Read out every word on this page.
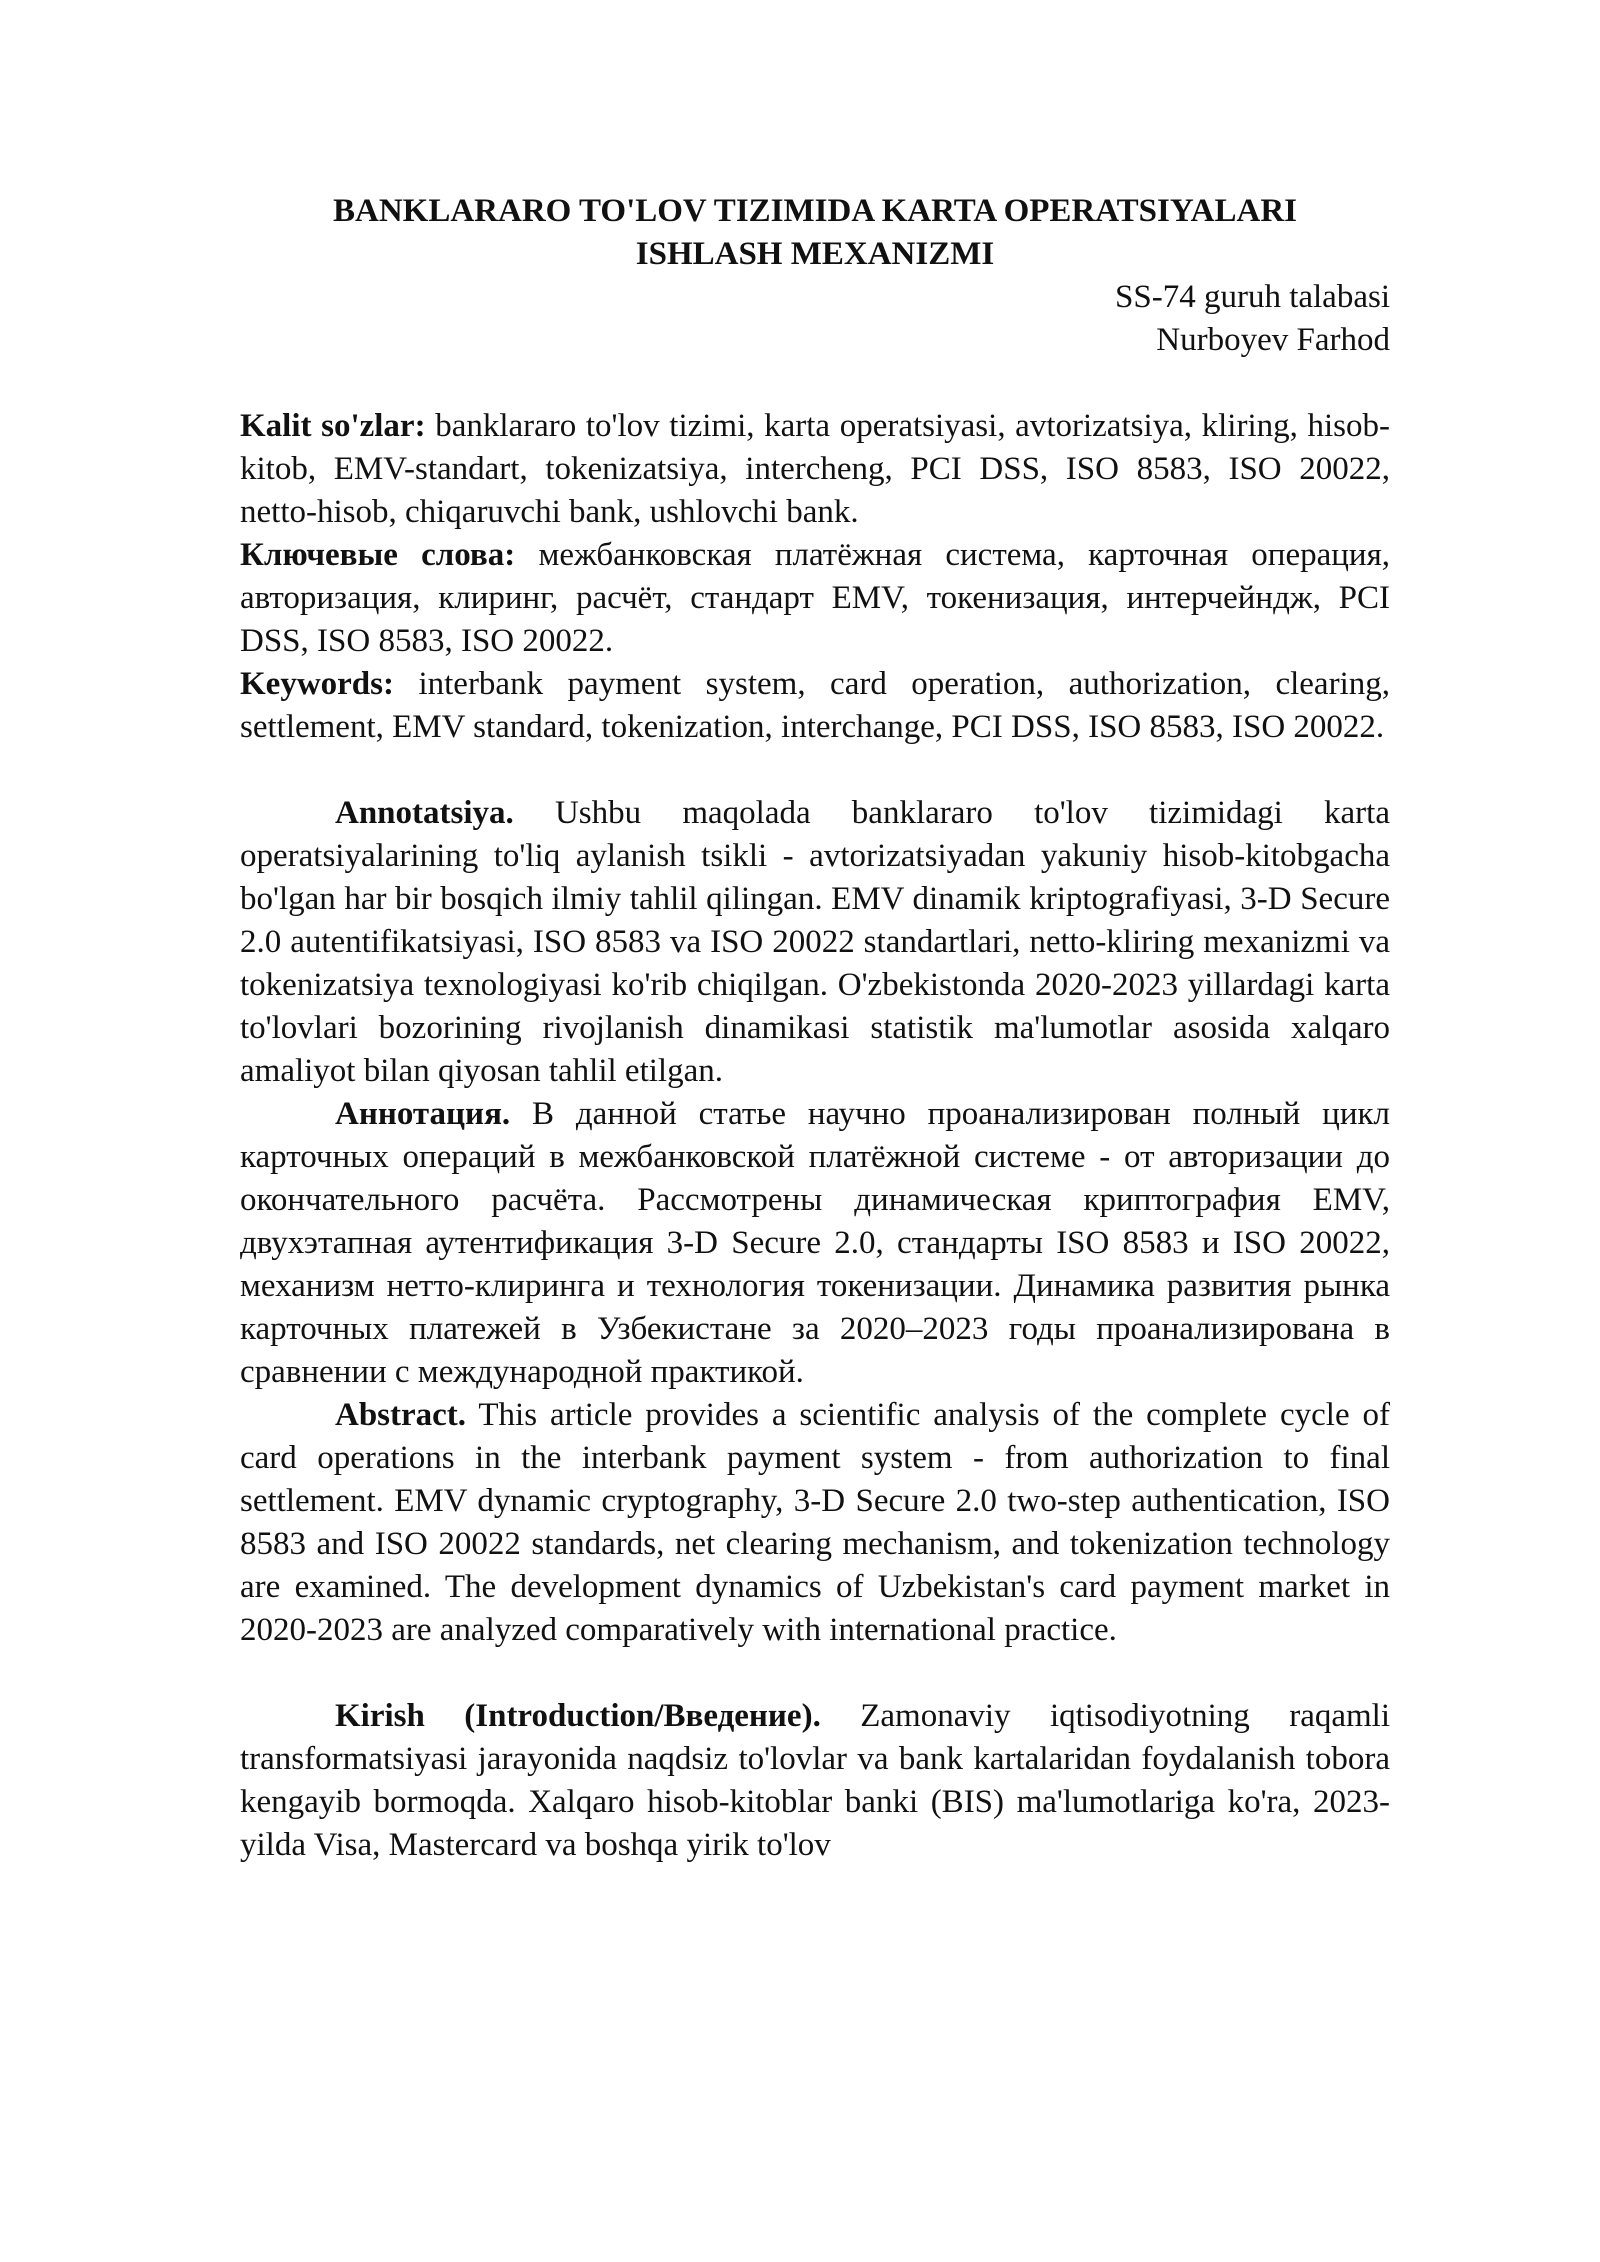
BANKLARARO TO'LOV TIZIMIDA KARTA OPERATSIYALARI
ISHLASH MEXANIZMI
SS-74 guruh talabasi
Nurboyev Farhod

Kalit so'zlar: banklararo to'lov tizimi, karta operatsiyasi, avtorizatsiya, kliring, hisob-kitob, EMV-standart, tokenizatsiya, intercheng, PCI DSS, ISO 8583, ISO 20022, netto-hisob, chiqaruvchi bank, ushlovchi bank.

Ключевые слова: межбанковская платёжная система, карточная операция, авторизация, клиринг, расчёт, стандарт EMV, токенизация, интерчейндж, PCI DSS, ISO 8583, ISO 20022.

Keywords: interbank payment system, card operation, authorization, clearing, settlement, EMV standard, tokenization, interchange, PCI DSS, ISO 8583, ISO 20022.

Annotatsiya. Ushbu maqolada banklararo to'lov tizimidagi karta operatsiyalarining to'liq aylanish tsikli - avtorizatsiyadan yakuniy hisob-kitobgacha bo'lgan har bir bosqich ilmiy tahlil qilingan. EMV dinamik kriptografiyasi, 3-D Secure 2.0 autentifikatsiyasi, ISO 8583 va ISO 20022 standartlari, netto-kliring mexanizmi va tokenizatsiya texnologiyasi ko'rib chiqilgan. O'zbekistonda 2020-2023 yillardagi karta to'lovlari bozorining rivojlanish dinamikasi statistik ma'lumotlar asosida xalqaro amaliyot bilan qiyosan tahlil etilgan.

Аннотация. В данной статье научно проанализирован полный цикл карточных операций в межбанковской платёжной системе - от авторизации до окончательного расчёта. Рассмотрены динамическая криптография EMV, двухэтапная аутентификация 3-D Secure 2.0, стандарты ISO 8583 и ISO 20022, механизм нетто-клиринга и технология токенизации. Динамика развития рынка карточных платежей в Узбекистане за 2020–2023 годы проанализирована в сравнении с международной практикой.

Abstract. This article provides a scientific analysis of the complete cycle of card operations in the interbank payment system - from authorization to final settlement. EMV dynamic cryptography, 3-D Secure 2.0 two-step authentication, ISO 8583 and ISO 20022 standards, net clearing mechanism, and tokenization technology are examined. The development dynamics of Uzbekistan's card payment market in 2020-2023 are analyzed comparatively with international practice.

Kirish (Introduction/Введение). Zamonaviy iqtisodiyotning raqamli transformatsiyasi jarayonida naqdsiz to'lovlar va bank kartalaridan foydalanish tobora kengayib bormoqda. Xalqaro hisob-kitoblar banki (BIS) ma'lumotlariga ko'ra, 2023-yilda Visa, Mastercard va boshqa yirik to'lov
